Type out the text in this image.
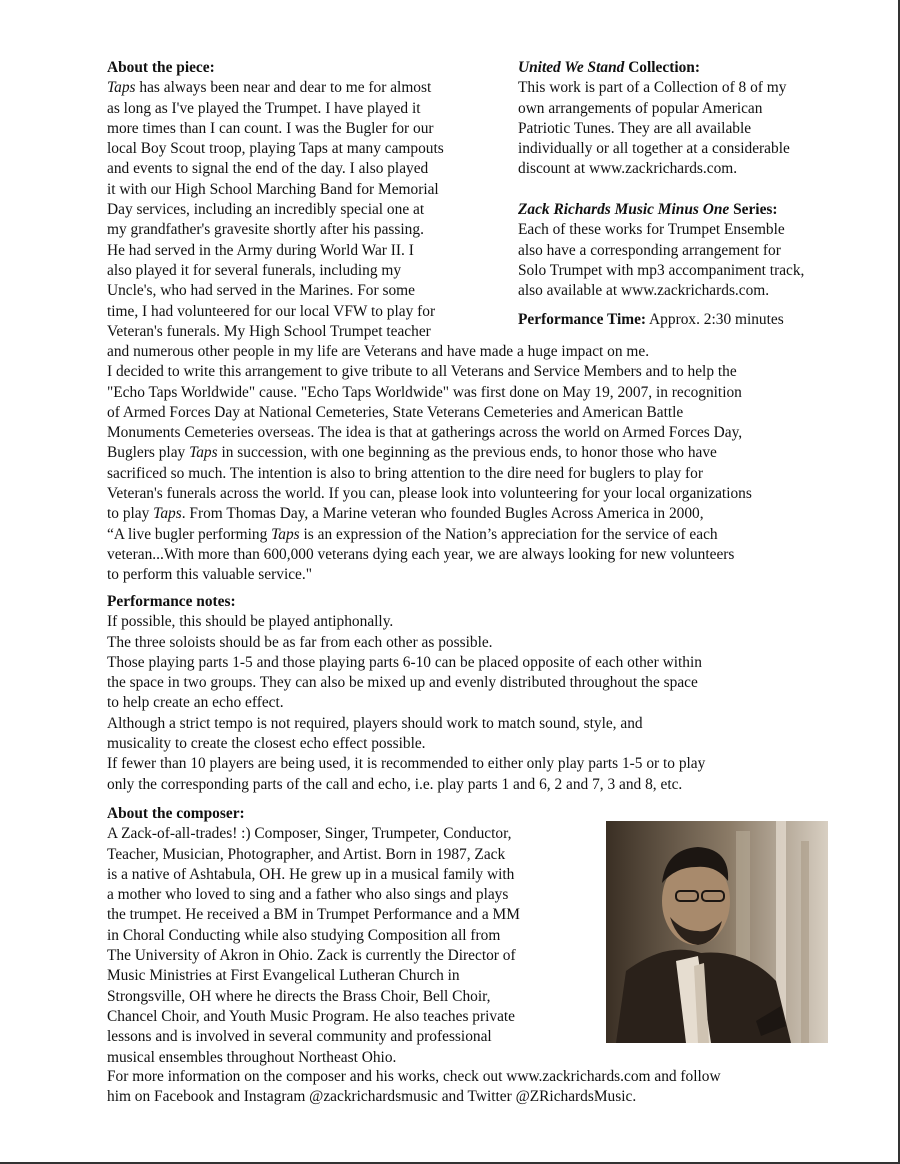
About the piece:
Taps has always been near and dear to me for almost
as long as I've played the Trumpet. I have played it
more times than I can count. I was the Bugler for our
local Boy Scout troop, playing Taps at many campouts
and events to signal the end of the day. I also played
it with our High School Marching Band for Memorial
Day services, including an incredibly special one at
my grandfather's gravesite shortly after his passing.
He had served in the Army during World War II. I
also played it for several funerals, including my
Uncle's, who had served in the Marines. For some
time, I had volunteered for our local VFW to play for
Veteran's funerals. My High School Trumpet teacher
United We Stand Collection:
This work is part of a Collection of 8 of my
own arrangements of popular American
Patriotic Tunes. They are all available
individually or all together at a considerable
discount at www.zackrichards.com.
Zack Richards Music Minus One Series:
Each of these works for Trumpet Ensemble
also have a corresponding arrangement for
Solo Trumpet with mp3 accompaniment track,
also available at www.zackrichards.com.
Performance Time: Approx. 2:30 minutes
and numerous other people in my life are Veterans and have made a huge impact on me.
I decided to write this arrangement to give tribute to all Veterans and Service Members and to help the
"Echo Taps Worldwide" cause. "Echo Taps Worldwide" was first done on May 19, 2007, in recognition
of Armed Forces Day at National Cemeteries, State Veterans Cemeteries and American Battle
Monuments Cemeteries overseas. The idea is that at gatherings across the world on Armed Forces Day,
Buglers play Taps in succession, with one beginning as the previous ends, to honor those who have
sacrificed so much. The intention is also to bring attention to the dire need for buglers to play for
Veteran's funerals across the world. If you can, please look into volunteering for your local organizations
to play Taps. From Thomas Day, a Marine veteran who founded Bugles Across America in 2000,
“A live bugler performing Taps is an expression of the Nation’s appreciation for the service of each
veteran...With more than 600,000 veterans dying each year, we are always looking for new volunteers
to perform this valuable service."
Performance notes:
If possible, this should be played antiphonally.
The three soloists should be as far from each other as possible.
Those playing parts 1-5 and those playing parts 6-10 can be placed opposite of each other within
the space in two groups. They can also be mixed up and evenly distributed throughout the space
to help create an echo effect.
Although a strict tempo is not required, players should work to match sound, style, and
musicality to create the closest echo effect possible.
If fewer than 10 players are being used, it is recommended to either only play parts 1-5 or to play
only the corresponding parts of the call and echo, i.e. play parts 1 and 6, 2 and 7, 3 and 8, etc.
About the composer:
A Zack-of-all-trades! :) Composer, Singer, Trumpeter, Conductor,
Teacher, Musician, Photographer, and Artist. Born in 1987, Zack
is a native of Ashtabula, OH. He grew up in a musical family with
a mother who loved to sing and a father who also sings and plays
the trumpet. He received a BM in Trumpet Performance and a MM
in Choral Conducting while also studying Composition all from
The University of Akron in Ohio. Zack is currently the Director of
Music Ministries at First Evangelical Lutheran Church in
Strongsville, OH where he directs the Brass Choir, Bell Choir,
Chancel Choir, and Youth Music Program. He also teaches private
lessons and is involved in several community and professional
musical ensembles throughout Northeast Ohio.
For more information on the composer and his works, check out www.zackrichards.com and follow
him on Facebook and Instagram @zackrichardsmusic and Twitter @ZRichardsMusic.
